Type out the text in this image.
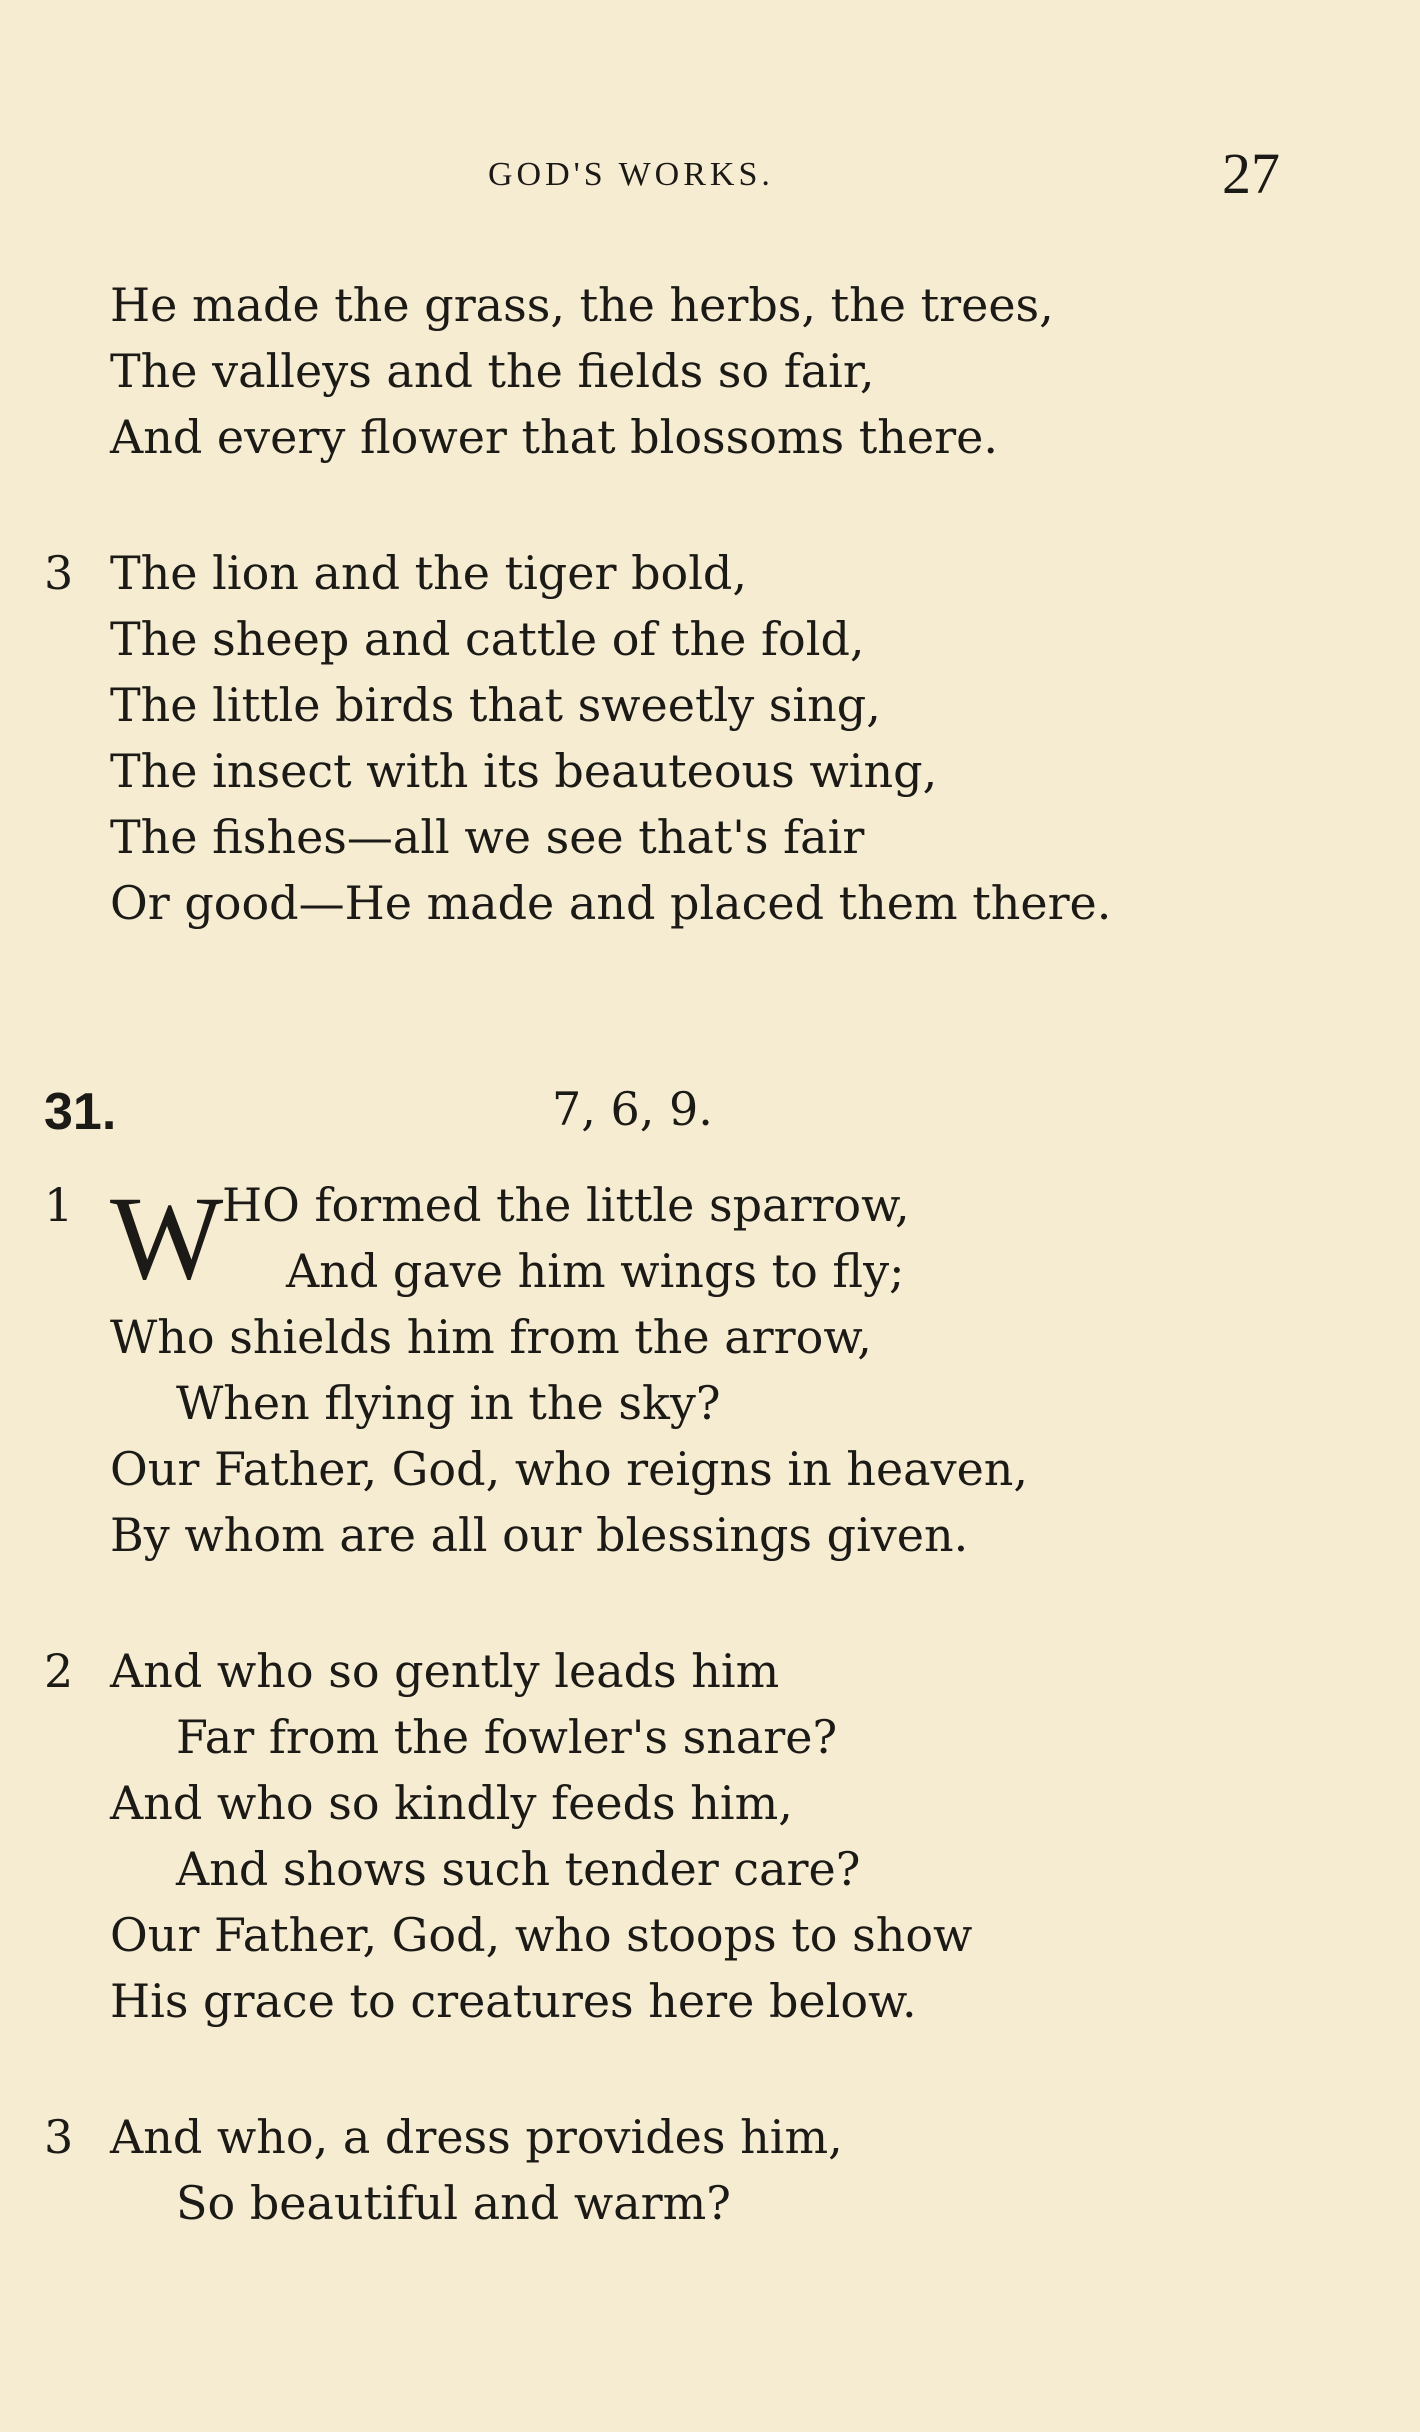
GOD'S WORKS.	27
He made the grass, the herbs, the trees,
The valleys and the fields so fair,
And every flower that blossoms there.
3 The lion and the tiger bold,
The sheep and cattle of the fold,
The little birds that sweetly sing,
The insect with its beauteous wing,
The fishes—all we see that's fair
Or good—He made and placed them there.
31.	7, 6, 9.
1 W
HO formed the little sparrow,
And gave him wings to fly;
Who shields him from the arrow,
When flying in the sky?
Our Father, God, who reigns in heaven,
By whom are all our blessings given.
2 And who so gently leads him
Far from the fowler's snare?
And who so kindly feeds him,
And shows such tender care?
Our Father, God, who stoops to show
His grace to creatures here below.
3 And who, a dress provides him,
So beautiful and warm?
